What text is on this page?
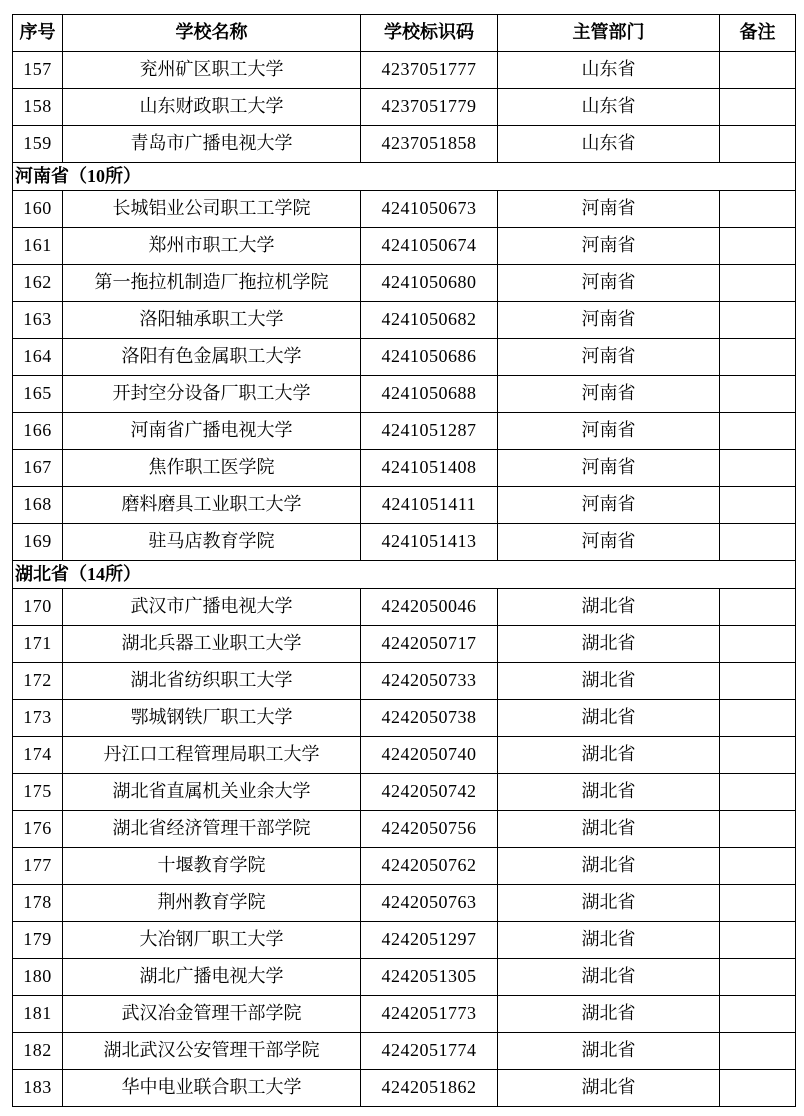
序号	学校名称	学校标识码	主管部门	备注
157	兖州矿区职工大学	4237051777	山东省	
158	山东财政职工大学	4237051779	山东省	
159	青岛市广播电视大学	4237051858	山东省	
河南省（10所）				
160	长城铝业公司职工工学院	4241050673	河南省	
161	郑州市职工大学	4241050674	河南省	
162	第一拖拉机制造厂拖拉机学院	4241050680	河南省	
163	洛阳轴承职工大学	4241050682	河南省	
164	洛阳有色金属职工大学	4241050686	河南省	
165	开封空分设备厂职工大学	4241050688	河南省	
166	河南省广播电视大学	4241051287	河南省	
167	焦作职工医学院	4241051408	河南省	
168	磨料磨具工业职工大学	4241051411	河南省	
169	驻马店教育学院	4241051413	河南省	
湖北省（14所）				
170	武汉市广播电视大学	4242050046	湖北省	
171	湖北兵器工业职工大学	4242050717	湖北省	
172	湖北省纺织职工大学	4242050733	湖北省	
173	鄂城钢铁厂职工大学	4242050738	湖北省	
174	丹江口工程管理局职工大学	4242050740	湖北省	
175	湖北省直属机关业余大学	4242050742	湖北省	
176	湖北省经济管理干部学院	4242050756	湖北省	
177	十堰教育学院	4242050762	湖北省	
178	荆州教育学院	4242050763	湖北省	
179	大冶钢厂职工大学	4242051297	湖北省	
180	湖北广播电视大学	4242051305	湖北省	
181	武汉冶金管理干部学院	4242051773	湖北省	
182	湖北武汉公安管理干部学院	4242051774	湖北省	
183	华中电业联合职工大学	4242051862	湖北省	
